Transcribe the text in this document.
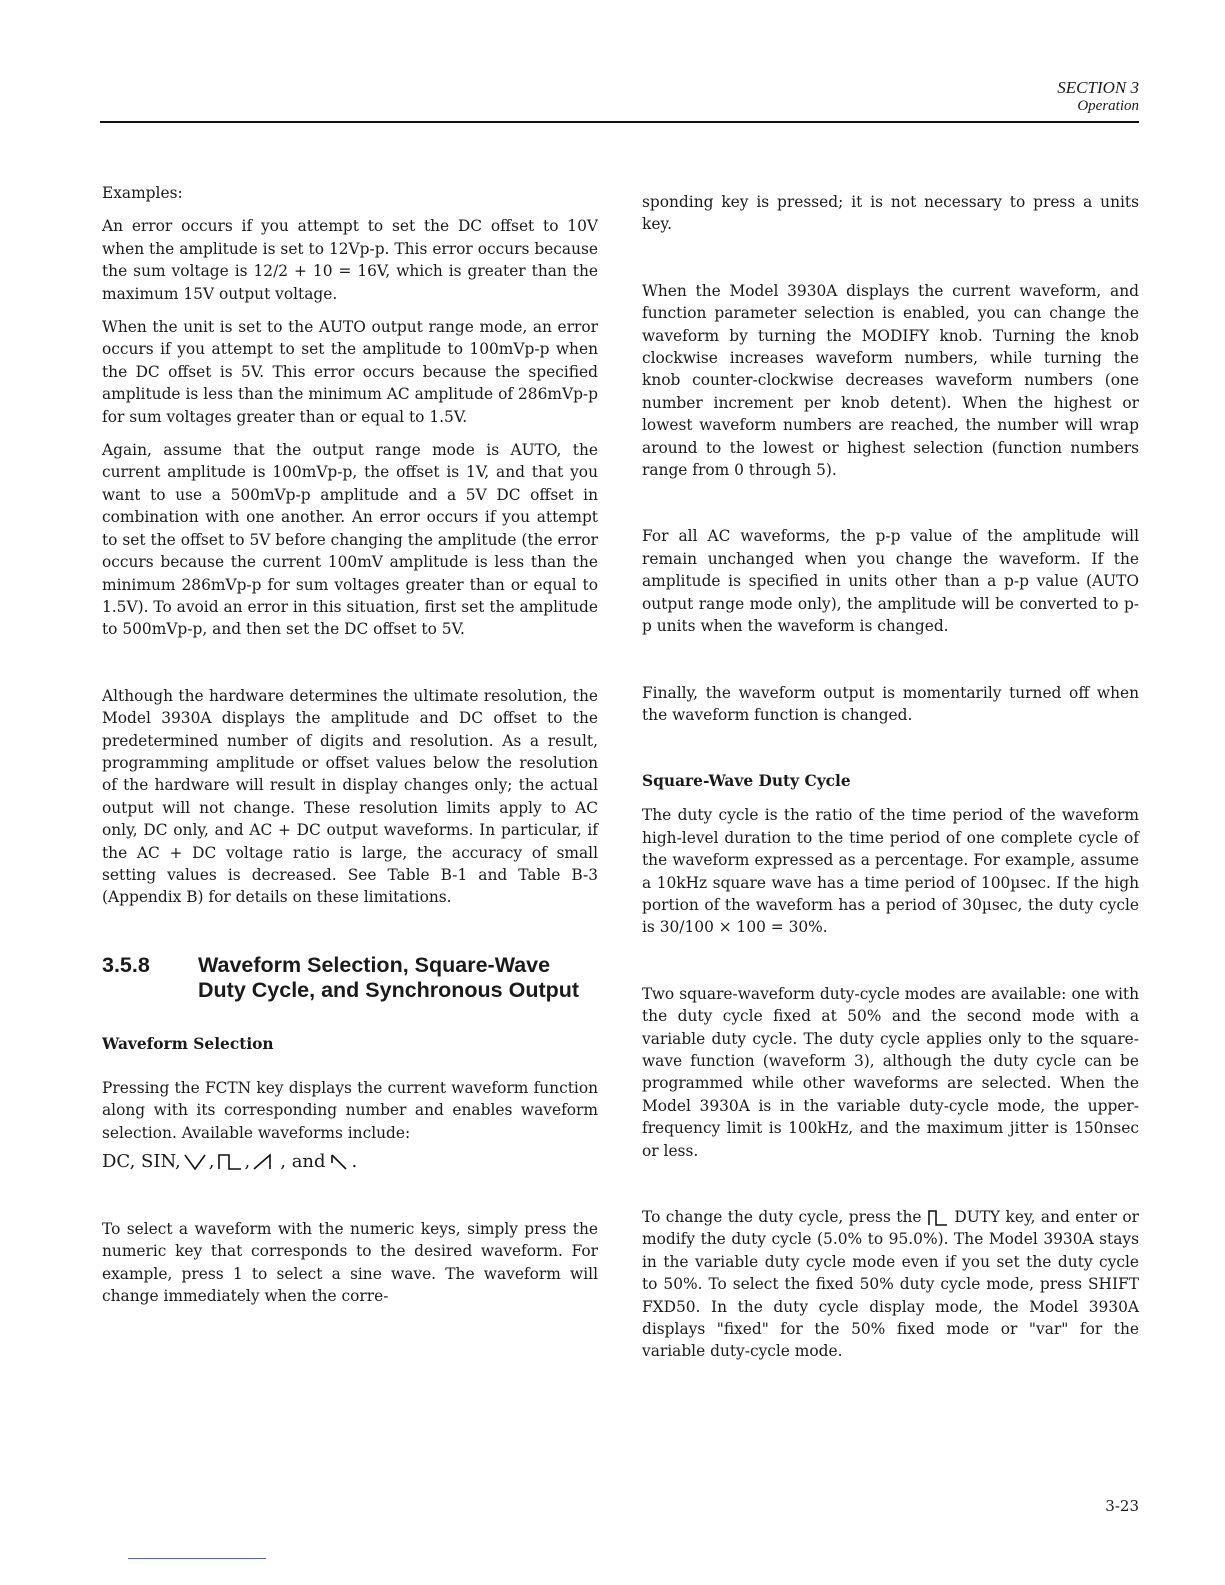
SECTION 3
Operation

Examples:

An error occurs if you attempt to set the DC offset to 10V when the amplitude is set to 12Vp-p. This error occurs because the sum voltage is 12/2 + 10 = 16V, which is greater than the maximum 15V output voltage.

When the unit is set to the AUTO output range mode, an error occurs if you attempt to set the amplitude to 100mVp-p when the DC offset is 5V. This error occurs because the specified amplitude is less than the minimum AC amplitude of 286mVp-p for sum voltages greater than or equal to 1.5V.

Again, assume that the output range mode is AUTO, the current amplitude is 100mVp-p, the offset is 1V, and that you want to use a 500mVp-p amplitude and a 5V DC offset in combination with one another. An error occurs if you attempt to set the offset to 5V before changing the amplitude (the error occurs because the current 100mV amplitude is less than the minimum 286mVp-p for sum voltages greater than or equal to 1.5V). To avoid an error in this situation, first set the amplitude to 500mVp-p, and then set the DC offset to 5V.

Although the hardware determines the ultimate resolution, the Model 3930A displays the amplitude and DC offset to the predetermined number of digits and resolution. As a result, programming amplitude or offset values below the resolution of the hardware will result in display changes only; the actual output will not change. These resolution limits apply to AC only, DC only, and AC + DC output waveforms. In particular, if the AC + DC voltage ratio is large, the accuracy of small setting values is decreased. See Table B-1 and Table B-3 (Appendix B) for details on these limitations.

3.5.8	Waveform Selection, Square-Wave Duty Cycle, and Synchronous Output
Waveform Selection

Pressing the FCTN key displays the current waveform function along with its corresponding number and enables waveform selection. Available waveforms include:

DC, SIN, , , , and .

To select a waveform with the numeric keys, simply press the numeric key that corresponds to the desired waveform. For example, press 1 to select a sine wave. The waveform will change immediately when the corre-

sponding key is pressed; it is not necessary to press a units key.

When the Model 3930A displays the current waveform, and function parameter selection is enabled, you can change the waveform by turning the MODIFY knob. Turning the knob clockwise increases waveform numbers, while turning the knob counter-clockwise decreases waveform numbers (one number increment per knob detent). When the highest or lowest waveform numbers are reached, the number will wrap around to the lowest or highest selection (function numbers range from 0 through 5).

For all AC waveforms, the p-p value of the amplitude will remain unchanged when you change the waveform. If the amplitude is specified in units other than a p-p value (AUTO output range mode only), the amplitude will be converted to p-p units when the waveform is changed.

Finally, the waveform output is momentarily turned off when the waveform function is changed.

Square-Wave Duty Cycle

The duty cycle is the ratio of the time period of the waveform high-level duration to the time period of one complete cycle of the waveform expressed as a percentage. For example, assume a 10kHz square wave has a time period of 100µsec. If the high portion of the waveform has a period of 30µsec, the duty cycle is 30/100 × 100 = 30%.

Two square-waveform duty-cycle modes are available: one with the duty cycle fixed at 50% and the second mode with a variable duty cycle. The duty cycle applies only to the square-wave function (waveform 3), although the duty cycle can be programmed while other waveforms are selected. When the Model 3930A is in the variable duty-cycle mode, the upper-frequency limit is 100kHz, and the maximum jitter is 150nsec or less.

To change the duty cycle, press the DUTY key, and enter or modify the duty cycle (5.0% to 95.0%). The Model 3930A stays in the variable duty cycle mode even if you set the duty cycle to 50%. To select the fixed 50% duty cycle mode, press SHIFT FXD50. In the duty cycle display mode, the Model 3930A displays "fixed" for the 50% fixed mode or "var" for the variable duty-cycle mode.

3-23
